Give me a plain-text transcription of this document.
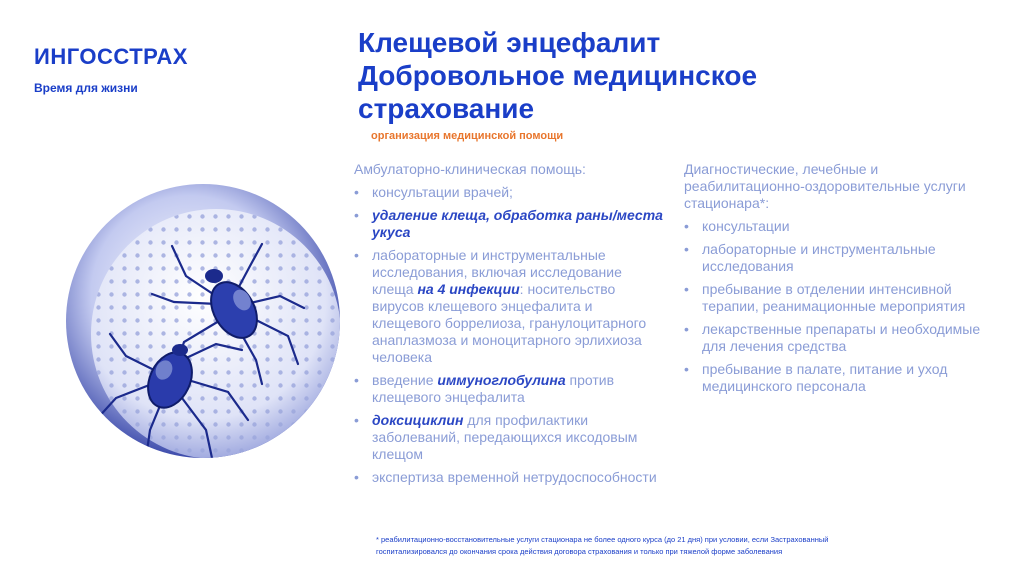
ИНГОССТРАХ
Время для жизни
Клещевой энцефалит
Добровольное медицинское
страхование
организация медицинской помощи
Амбулаторно-клиническая помощь:
• консультации врачей;
• удаление клеща, обработка раны/места укуса
• лабораторные и инструментальные исследования, включая исследование клеща на 4 инфекции: носительство вирусов клещевого энцефалита и клещевого боррелиоза, гранулоцитарного анаплазмоза и моноцитарного эрлихиоза человека
• введение иммуноглобулина против клещевого энцефалита
• доксициклин для профилактики заболеваний, передающихся иксодовым клещом
• экспертиза временной нетрудоспособности
Диагностические, лечебные и реабилитационно-оздоровительные услуги стационара*:
• консультации
• лабораторные и инструментальные исследования
• пребывание в отделении интенсивной терапии, реанимационные мероприятия
• лекарственные препараты и необходимые для лечения средства
• пребывание в палате, питание и уход медицинского персонала
* реабилитационно-восстановительные услуги стационара не более одного курса (до 21 дня) при условии, если Застрахованный госпитализировался до окончания срока действия договора страхования и только при тяжелой форме заболевания
